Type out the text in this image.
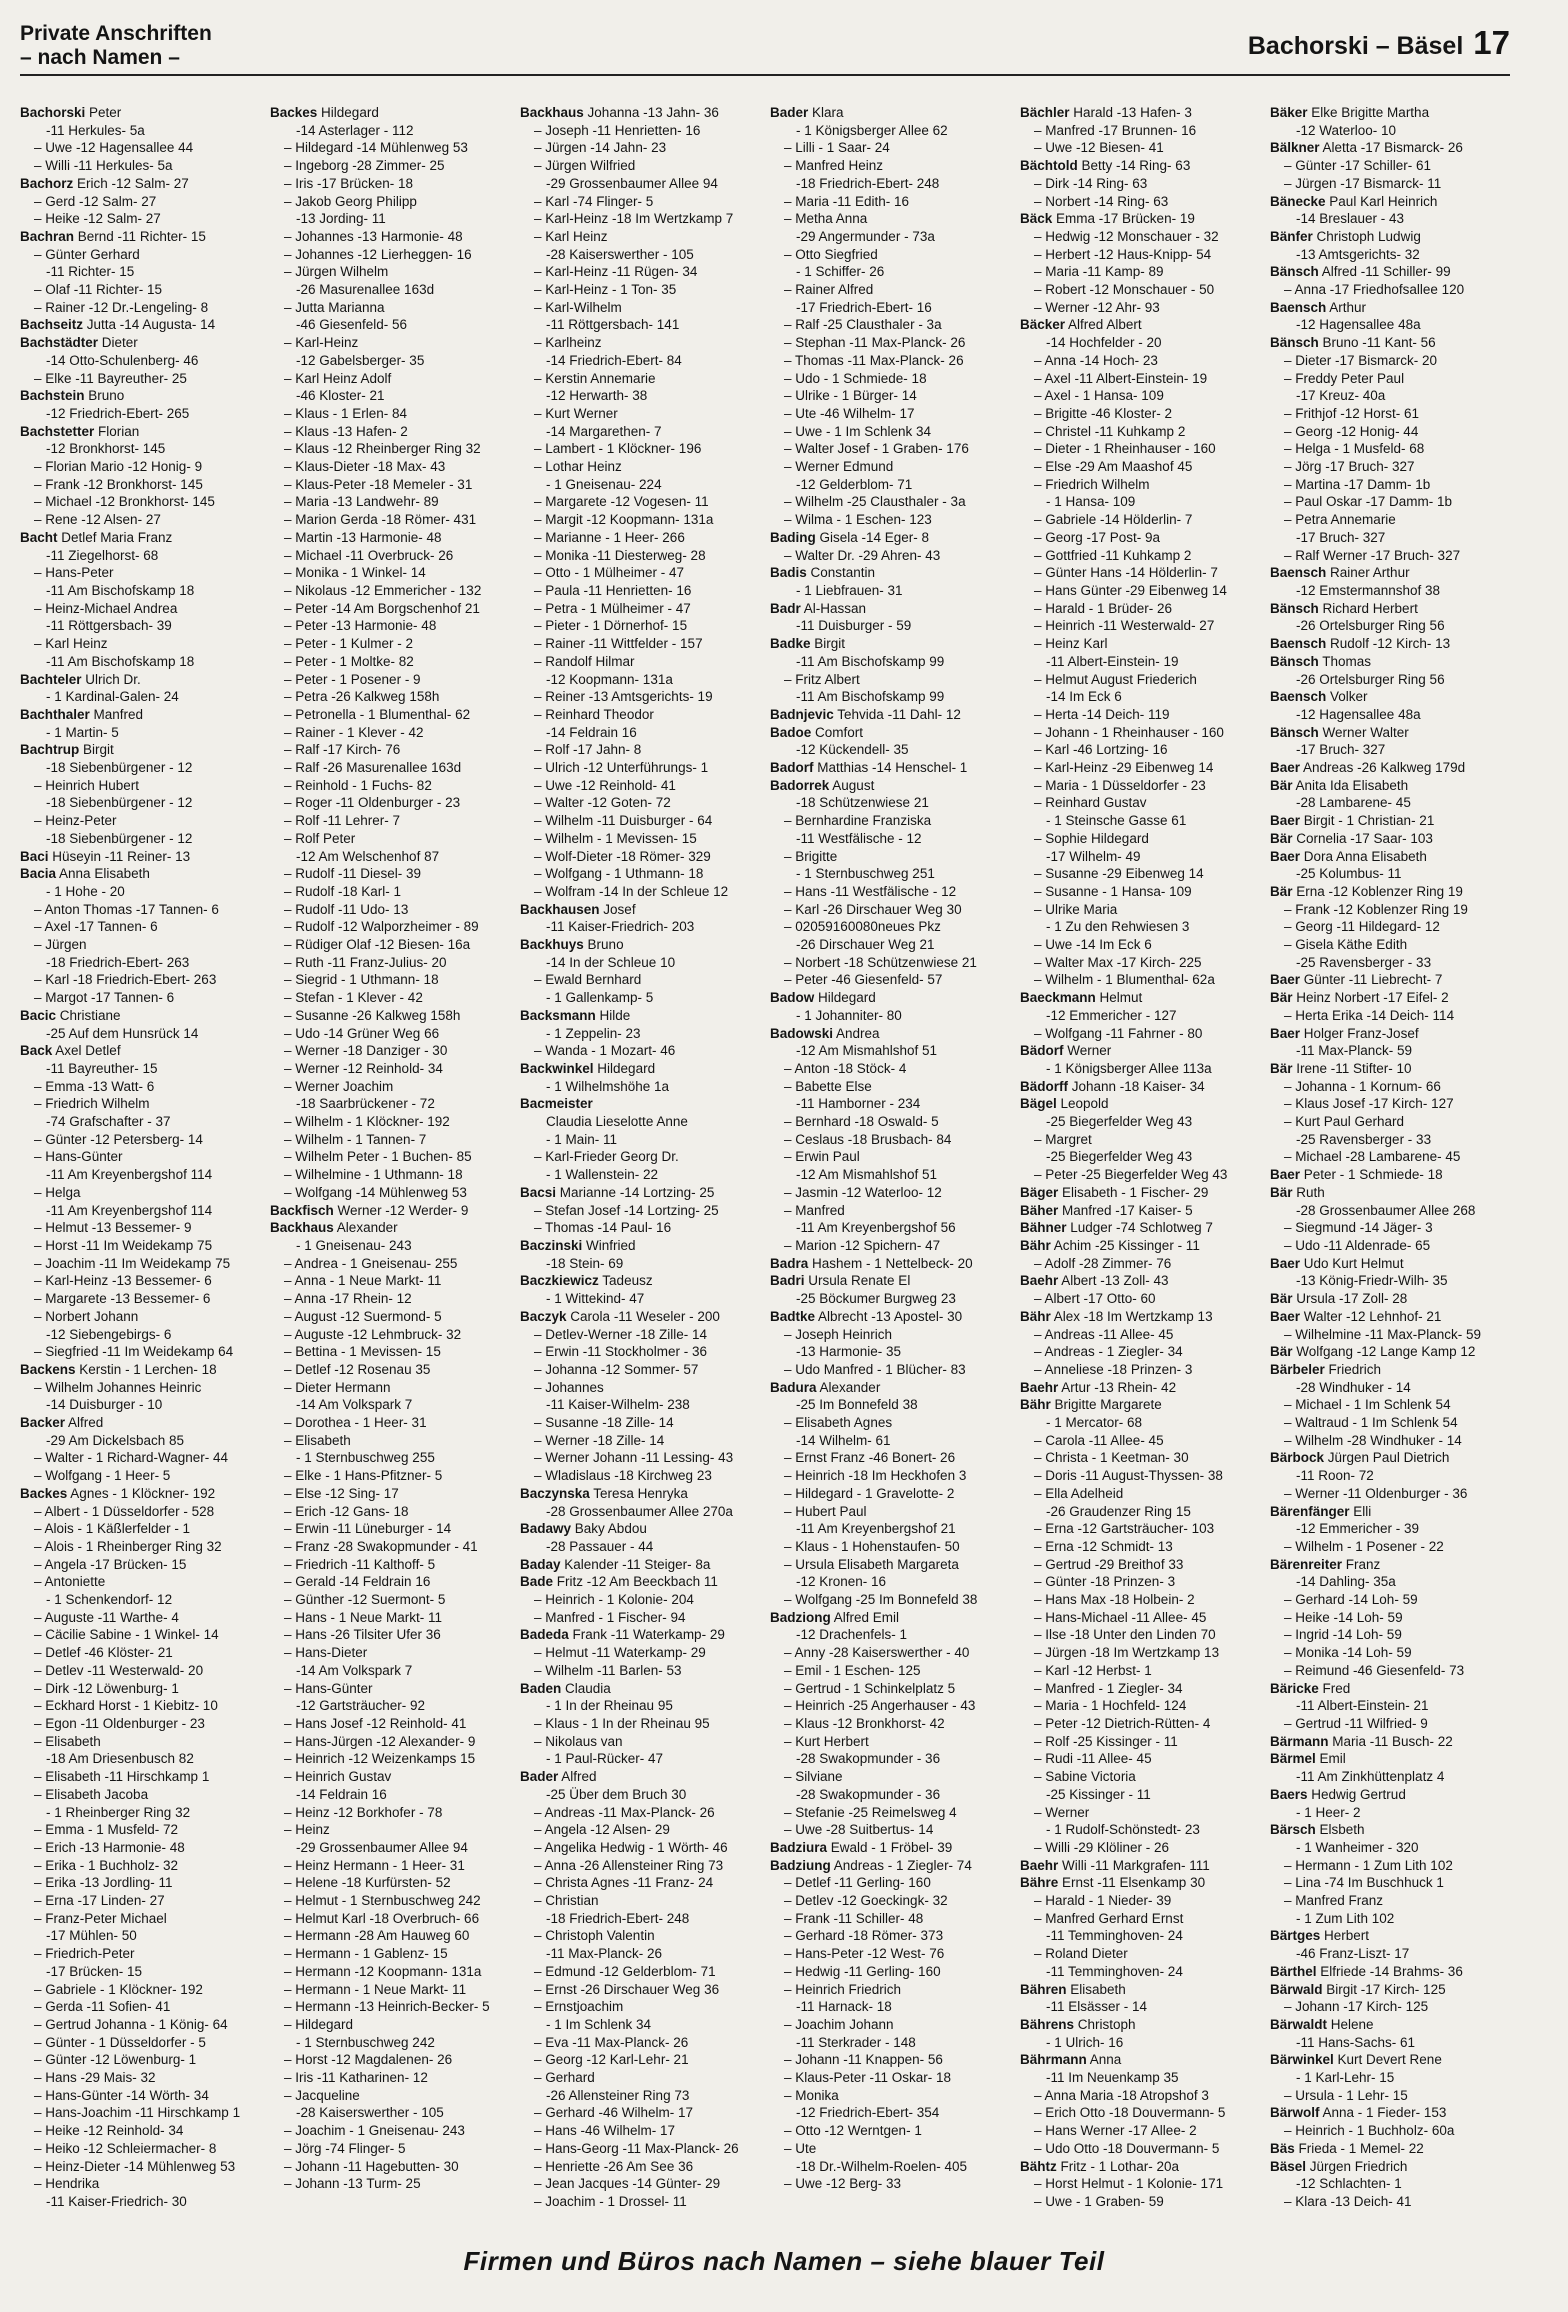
Private Anschriften
– nach Namen –	Bachorski – Bäsel 17
Bachorski Peter
-11 Herkules- 5a
– Uwe -12 Hagensallee 44
– Willi -11 Herkules- 5a
Bachorz Erich -12 Salm- 27
– Gerd -12 Salm- 27
– Heike -12 Salm- 27
Bachran Bernd -11 Richter- 15
– Günter Gerhard
-11 Richter- 15
– Olaf -11 Richter- 15
– Rainer -12 Dr.-Lengeling- 8
Bachseitz Jutta -14 Augusta- 14
Bachstädter Dieter
-14 Otto-Schulenberg- 46
– Elke -11 Bayreuther- 25
Bachstein Bruno
-12 Friedrich-Ebert- 265
Bachstetter Florian
-12 Bronkhorst- 145
– Florian Mario -12 Honig- 9
– Frank -12 Bronkhorst- 145
– Michael -12 Bronkhorst- 145
– Rene -12 Alsen- 27
Bacht Detlef Maria Franz
-11 Ziegelhorst- 68
– Hans-Peter
-11 Am Bischofskamp 18
– Heinz-Michael Andrea
-11 Röttgersbach- 39
– Karl Heinz
-11 Am Bischofskamp 18
Bachteler Ulrich Dr.
- 1 Kardinal-Galen- 24
Bachthaler Manfred
- 1 Martin- 5
Bachtrup Birgit
-18 Siebenbürgener - 12
– Heinrich Hubert
-18 Siebenbürgener - 12
– Heinz-Peter
-18 Siebenbürgener - 12
Baci Hüseyin -11 Reiner- 13
Bacia Anna Elisabeth
- 1 Hohe - 20
– Anton Thomas -17 Tannen- 6
– Axel -17 Tannen- 6
– Jürgen
-18 Friedrich-Ebert- 263
– Karl -18 Friedrich-Ebert- 263
– Margot -17 Tannen- 6
Bacic Christiane
-25 Auf dem Hunsrück 14
Back Axel Detlef
-11 Bayreuther- 15
– Emma -13 Watt- 6
– Friedrich Wilhelm
-74 Grafschafter - 37
– Günter -12 Petersberg- 14
– Hans-Günter
-11 Am Kreyenbergshof 114
– Helga
-11 Am Kreyenbergshof 114
– Helmut -13 Bessemer- 9
– Horst -11 Im Weidekamp 75
– Joachim -11 Im Weidekamp 75
– Karl-Heinz -13 Bessemer- 6
– Margarete -13 Bessemer- 6
– Norbert Johann
-12 Siebengebirgs- 6
– Siegfried -11 Im Weidekamp 64
Backens Kerstin - 1 Lerchen- 18
– Wilhelm Johannes Heinric
-14 Duisburger - 10
Backer Alfred
-29 Am Dickelsbach 85
– Walter - 1 Richard-Wagner- 44
– Wolfgang - 1 Heer- 5
Backes Agnes - 1 Klöckner- 192
– Albert - 1 Düsseldorfer - 528
– Alois - 1 Käßlerfelder - 1
– Alois - 1 Rheinberger Ring 32
– Angela -17 Brücken- 15
– Antoniette
- 1 Schenkendorf- 12
– Auguste -11 Warthe- 4
– Cäcilie Sabine - 1 Winkel- 14
– Detlef -46 Klöster- 21
– Detlev -11 Westerwald- 20
– Dirk -12 Löwenburg- 1
– Eckhard Horst - 1 Kiebitz- 10
– Egon -11 Oldenburger - 23
– Elisabeth
-18 Am Driesenbusch 82
– Elisabeth -11 Hirschkamp 1
– Elisabeth Jacoba
- 1 Rheinberger Ring 32
– Emma - 1 Musfeld- 72
– Erich -13 Harmonie- 48
– Erika - 1 Buchholz- 32
– Erika -13 Jordling- 11
– Erna -17 Linden- 27
– Franz-Peter Michael
-17 Mühlen- 50
– Friedrich-Peter
-17 Brücken- 15
– Gabriele - 1 Klöckner- 192
– Gerda -11 Sofien- 41
– Gertrud Johanna - 1 König- 64
– Günter - 1 Düsseldorfer - 5
– Günter -12 Löwenburg- 1
– Hans -29 Mais- 32
– Hans-Günter -14 Wörth- 34
– Hans-Joachim -11 Hirschkamp 1
– Heike -12 Reinhold- 34
– Heiko -12 Schleiermacher- 8
– Heinz-Dieter -14 Mühlenweg 53
– Hendrika
-11 Kaiser-Friedrich- 30
Backes Hildegard
-14 Asterlager - 112
– Hildegard -14 Mühlenweg 53
– Ingeborg -28 Zimmer- 25
– Iris -17 Brücken- 18
– Jakob Georg Philipp
-13 Jording- 11
– Johannes -13 Harmonie- 48
– Johannes -12 Lierheggen- 16
– Jürgen Wilhelm
-26 Masurenallee 163d
– Jutta Marianna
-46 Giesenfeld- 56
– Karl-Heinz
-12 Gabelsberger- 35
– Karl Heinz Adolf
-46 Kloster- 21
– Klaus - 1 Erlen- 84
– Klaus -13 Hafen- 2
– Klaus -12 Rheinberger Ring 32
– Klaus-Dieter -18 Max- 43
– Klaus-Peter -18 Memeler - 31
– Maria -13 Landwehr- 89
– Marion Gerda -18 Römer- 431
– Martin -13 Harmonie- 48
– Michael -11 Overbruck- 26
– Monika - 1 Winkel- 14
– Nikolaus -12 Emmericher - 132
– Peter -14 Am Borgschenhof 21
– Peter -13 Harmonie- 48
– Peter - 1 Kulmer - 2
– Peter - 1 Moltke- 82
– Peter - 1 Posener - 9
– Petra -26 Kalkweg 158h
– Petronella - 1 Blumenthal- 62
– Rainer - 1 Klever - 42
– Ralf -17 Kirch- 76
– Ralf -26 Masurenallee 163d
– Reinhold - 1 Fuchs- 82
– Roger -11 Oldenburger - 23
– Rolf -11 Lehrer- 7
– Rolf Peter
-12 Am Welschenhof 87
– Rudolf -11 Diesel- 39
– Rudolf -18 Karl- 1
– Rudolf -11 Udo- 13
– Rudolf -12 Walporzheimer - 89
– Rüdiger Olaf -12 Biesen- 16a
– Ruth -11 Franz-Julius- 20
– Siegrid - 1 Uthmann- 18
– Stefan - 1 Klever - 42
– Susanne -26 Kalkweg 158h
– Udo -14 Grüner Weg 66
– Werner -18 Danziger - 30
– Werner -12 Reinhold- 34
– Werner Joachim
-18 Saarbrückener - 72
– Wilhelm - 1 Klöckner- 192
– Wilhelm - 1 Tannen- 7
– Wilhelm Peter - 1 Buchen- 85
– Wilhelmine - 1 Uthmann- 18
– Wolfgang -14 Mühlenweg 53
Backfisch Werner -12 Werder- 9
Backhaus Alexander
- 1 Gneisenau- 243
– Andrea - 1 Gneisenau- 255
– Anna - 1 Neue Markt- 11
– Anna -17 Rhein- 12
– August -12 Suermond- 5
– Auguste -12 Lehmbruck- 32
– Bettina - 1 Mevissen- 15
– Detlef -12 Rosenau 35
– Dieter Hermann
-14 Am Volkspark 7
– Dorothea - 1 Heer- 31
– Elisabeth
- 1 Sternbuschweg 255
– Elke - 1 Hans-Pfitzner- 5
– Else -12 Sing- 17
– Erich -12 Gans- 18
– Erwin -11 Lüneburger - 14
– Franz -28 Swakopmunder - 41
– Friedrich -11 Kalthoff- 5
– Gerald -14 Feldrain 16
– Günther -12 Suermont- 5
– Hans - 1 Neue Markt- 11
– Hans -26 Tilsiter Ufer 36
– Hans-Dieter
-14 Am Volkspark 7
– Hans-Günter
-12 Gartsträucher- 92
– Hans Josef -12 Reinhold- 41
– Hans-Jürgen -12 Alexander- 9
– Heinrich -12 Weizenkamps 15
– Heinrich Gustav
-14 Feldrain 16
– Heinz -12 Borkhofer - 78
– Heinz
-29 Grossenbaumer Allee 94
– Heinz Hermann - 1 Heer- 31
– Helene -18 Kurfürsten- 52
– Helmut - 1 Sternbuschweg 242
– Helmut Karl -18 Overbruch- 66
– Hermann -28 Am Hauweg 60
– Hermann - 1 Gablenz- 15
– Hermann -12 Koopmann- 131a
– Hermann - 1 Neue Markt- 11
– Hermann -13 Heinrich-Becker- 5
– Hildegard
- 1 Sternbuschweg 242
– Horst -12 Magdalenen- 26
– Iris -11 Katharinen- 12
– Jacqueline
-28 Kaiserswerther - 105
– Joachim - 1 Gneisenau- 243
– Jörg -74 Flinger- 5
– Johann -11 Hagebutten- 30
– Johann -13 Turm- 25
Backhaus Johanna -13 Jahn- 36
– Joseph -11 Henrietten- 16
– Jürgen -14 Jahn- 23
– Jürgen Wilfried
-29 Grossenbaumer Allee 94
– Karl -74 Flinger- 5
– Karl-Heinz -18 Im Wertzkamp 7
– Karl Heinz
-28 Kaiserswerther - 105
– Karl-Heinz -11 Rügen- 34
– Karl-Heinz - 1 Ton- 35
– Karl-Wilhelm
-11 Röttgersbach- 141
– Karlheinz
-14 Friedrich-Ebert- 84
– Kerstin Annemarie
-12 Herwarth- 38
– Kurt Werner
-14 Margarethen- 7
– Lambert - 1 Klöckner- 196
– Lothar Heinz
- 1 Gneisenau- 224
– Margarete -12 Vogesen- 11
– Margit -12 Koopmann- 131a
– Marianne - 1 Heer- 266
– Monika -11 Diesterweg- 28
– Otto - 1 Mülheimer - 47
– Paula -11 Henrietten- 16
– Petra - 1 Mülheimer - 47
– Pieter - 1 Dörnerhof- 15
– Rainer -11 Wittfelder - 157
– Randolf Hilmar
-12 Koopmann- 131a
– Reiner -13 Amtsgerichts- 19
– Reinhard Theodor
-14 Feldrain 16
– Rolf -17 Jahn- 8
– Ulrich -12 Unterführungs- 1
– Uwe -12 Reinhold- 41
– Walter -12 Goten- 72
– Wilhelm -11 Duisburger - 64
– Wilhelm - 1 Mevissen- 15
– Wolf-Dieter -18 Römer- 329
– Wolfgang - 1 Uthmann- 18
– Wolfram -14 In der Schleue 12
Backhausen Josef
-11 Kaiser-Friedrich- 203
Backhuys Bruno
-14 In der Schleue 10
– Ewald Bernhard
- 1 Gallenkamp- 5
Backsmann Hilde
- 1 Zeppelin- 23
– Wanda - 1 Mozart- 46
Backwinkel Hildegard
- 1 Wilhelmshöhe 1a
Bacmeister
Claudia Lieselotte Anne
- 1 Main- 11
– Karl-Frieder Georg Dr.
- 1 Wallenstein- 22
Bacsi Marianne -14 Lortzing- 25
– Stefan Josef -14 Lortzing- 25
– Thomas -14 Paul- 16
Baczinski Winfried
-18 Stein- 69
Baczkiewicz Tadeusz
- 1 Wittekind- 47
Baczyk Carola -11 Weseler - 200
– Detlev-Werner -18 Zille- 14
– Erwin -11 Stockholmer - 36
– Johanna -12 Sommer- 57
– Johannes
-11 Kaiser-Wilhelm- 238
– Susanne -18 Zille- 14
– Werner -18 Zille- 14
– Werner Johann -11 Lessing- 43
– Wladislaus -18 Kirchweg 23
Baczynska Teresa Henryka
-28 Grossenbaumer Allee 270a
Badawy Baky Abdou
-28 Passauer - 44
Baday Kalender -11 Steiger- 8a
Bade Fritz -12 Am Beeckbach 11
– Heinrich - 1 Kolonie- 204
– Manfred - 1 Fischer- 94
Badeda Frank -11 Waterkamp- 29
– Helmut -11 Waterkamp- 29
– Wilhelm -11 Barlen- 53
Baden Claudia
- 1 In der Rheinau 95
– Klaus - 1 In der Rheinau 95
– Nikolaus van
- 1 Paul-Rücker- 47
Bader Alfred
-25 Über dem Bruch 30
– Andreas -11 Max-Planck- 26
– Angela -12 Alsen- 29
– Angelika Hedwig - 1 Wörth- 46
– Anna -26 Allensteiner Ring 73
– Christa Agnes -11 Franz- 24
– Christian
-18 Friedrich-Ebert- 248
– Christoph Valentin
-11 Max-Planck- 26
– Edmund -12 Gelderblom- 71
– Ernst -26 Dirschauer Weg 36
– Ernstjoachim
- 1 Im Schlenk 34
– Eva -11 Max-Planck- 26
– Georg -12 Karl-Lehr- 21
– Gerhard
-26 Allensteiner Ring 73
– Gerhard -46 Wilhelm- 17
– Hans -46 Wilhelm- 17
– Hans-Georg -11 Max-Planck- 26
– Henriette -26 Am See 36
– Jean Jacques -14 Günter- 29
– Joachim - 1 Drossel- 11
Bader Klara
- 1 Königsberger Allee 62
– Lilli - 1 Saar- 24
– Manfred Heinz
-18 Friedrich-Ebert- 248
– Maria -11 Edith- 16
– Metha Anna
-29 Angermunder - 73a
– Otto Siegfried
- 1 Schiffer- 26
– Rainer Alfred
-17 Friedrich-Ebert- 16
– Ralf -25 Clausthaler - 3a
– Stephan -11 Max-Planck- 26
– Thomas -11 Max-Planck- 26
– Udo - 1 Schmiede- 18
– Ulrike - 1 Bürger- 14
– Ute -46 Wilhelm- 17
– Uwe - 1 Im Schlenk 34
– Walter Josef - 1 Graben- 176
– Werner Edmund
-12 Gelderblom- 71
– Wilhelm -25 Clausthaler - 3a
– Wilma - 1 Eschen- 123
Bading Gisela -14 Eger- 8
– Walter Dr. -29 Ahren- 43
Badis Constantin
- 1 Liebfrauen- 31
Badr Al-Hassan
-11 Duisburger - 59
Badke Birgit
-11 Am Bischofskamp 99
– Fritz Albert
-11 Am Bischofskamp 99
Badnjevic Tehvida -11 Dahl- 12
Badoe Comfort
-12 Kückendell- 35
Badorf Matthias -14 Henschel- 1
Badorrek August
-18 Schützenwiese 21
– Bernhardine Franziska
-11 Westfälische - 12
– Brigitte
- 1 Sternbuschweg 251
– Hans -11 Westfälische - 12
– Karl -26 Dirschauer Weg 30
– 02059160080neues Pkz
-26 Dirschauer Weg 21
– Norbert -18 Schützenwiese 21
– Peter -46 Giesenfeld- 57
Badow Hildegard
- 1 Johanniter- 80
Badowski Andrea
-12 Am Mismahlshof 51
– Anton -18 Stöck- 4
– Babette Else
-11 Hamborner - 234
– Bernhard -18 Oswald- 5
– Ceslaus -18 Brusbach- 84
– Erwin Paul
-12 Am Mismahlshof 51
– Jasmin -12 Waterloo- 12
– Manfred
-11 Am Kreyenbergshof 56
– Marion -12 Spichern- 47
Badra Hashem - 1 Nettelbeck- 20
Badri Ursula Renate El
-25 Böckumer Burgweg 23
Badtke Albrecht -13 Apostel- 30
– Joseph Heinrich
-13 Harmonie- 35
– Udo Manfred - 1 Blücher- 83
Badura Alexander
-25 Im Bonnefeld 38
– Elisabeth Agnes
-14 Wilhelm- 61
– Ernst Franz -46 Bonert- 26
– Heinrich -18 Im Heckhofen 3
– Hildegard - 1 Gravelotte- 2
– Hubert Paul
-11 Am Kreyenbergshof 21
– Klaus - 1 Hohenstaufen- 50
– Ursula Elisabeth Margareta
-12 Kronen- 16
– Wolfgang -25 Im Bonnefeld 38
Badziong Alfred Emil
-12 Drachenfels- 1
– Anny -28 Kaiserswerther - 40
– Emil - 1 Eschen- 125
– Gertrud - 1 Schinkelplatz 5
– Heinrich -25 Angerhauser - 43
– Klaus -12 Bronkhorst- 42
– Kurt Herbert
-28 Swakopmunder - 36
– Silviane
-28 Swakopmunder - 36
– Stefanie -25 Reimelsweg 4
– Uwe -28 Suitbertus- 14
Badziura Ewald - 1 Fröbel- 39
Badziung Andreas - 1 Ziegler- 74
– Detlef -11 Gerling- 160
– Detlev -12 Goeckingk- 32
– Frank -11 Schiller- 48
– Gerhard -18 Römer- 373
– Hans-Peter -12 West- 76
– Hedwig -11 Gerling- 160
– Heinrich Friedrich
-11 Harnack- 18
– Joachim Johann
-11 Sterkrader - 148
– Johann -11 Knappen- 56
– Klaus-Peter -11 Oskar- 18
– Monika
-12 Friedrich-Ebert- 354
– Otto -12 Werntgen- 1
– Ute
-18 Dr.-Wilhelm-Roelen- 405
– Uwe -12 Berg- 33
Bächler Harald -13 Hafen- 3
– Manfred -17 Brunnen- 16
– Uwe -12 Biesen- 41
Bächtold Betty -14 Ring- 63
– Dirk -14 Ring- 63
– Norbert -14 Ring- 63
Bäck Emma -17 Brücken- 19
– Hedwig -12 Monschauer - 32
– Herbert -12 Haus-Knipp- 54
– Maria -11 Kamp- 89
– Robert -12 Monschauer - 50
– Werner -12 Ahr- 93
Bäcker Alfred Albert
-14 Hochfelder - 20
– Anna -14 Hoch- 23
– Axel -11 Albert-Einstein- 19
– Axel - 1 Hansa- 109
– Brigitte -46 Kloster- 2
– Christel -11 Kuhkamp 2
– Dieter - 1 Rheinhauser - 160
– Else -29 Am Maashof 45
– Friedrich Wilhelm
- 1 Hansa- 109
– Gabriele -14 Hölderlin- 7
– Georg -17 Post- 9a
– Gottfried -11 Kuhkamp 2
– Günter Hans -14 Hölderlin- 7
– Hans Günter -29 Eibenweg 14
– Harald - 1 Brüder- 26
– Heinrich -11 Westerwald- 27
– Heinz Karl
-11 Albert-Einstein- 19
– Helmut August Friederich
-14 Im Eck 6
– Herta -14 Deich- 119
– Johann - 1 Rheinhauser - 160
– Karl -46 Lortzing- 16
– Karl-Heinz -29 Eibenweg 14
– Maria - 1 Düsseldorfer - 23
– Reinhard Gustav
- 1 Steinsche Gasse 61
– Sophie Hildegard
-17 Wilhelm- 49
– Susanne -29 Eibenweg 14
– Susanne - 1 Hansa- 109
– Ulrike Maria
- 1 Zu den Rehwiesen 3
– Uwe -14 Im Eck 6
– Walter Max -17 Kirch- 225
– Wilhelm - 1 Blumenthal- 62a
Baeckmann Helmut
-12 Emmericher - 127
– Wolfgang -11 Fahrner - 80
Bädorf Werner
- 1 Königsberger Allee 113a
Bädorff Johann -18 Kaiser- 34
Bägel Leopold
-25 Biegerfelder Weg 43
– Margret
-25 Biegerfelder Weg 43
– Peter -25 Biegerfelder Weg 43
Bäger Elisabeth - 1 Fischer- 29
Bäher Manfred -17 Kaiser- 5
Bähner Ludger -74 Schlotweg 7
Bähr Achim -25 Kissinger - 11
– Adolf -28 Zimmer- 76
Baehr Albert -13 Zoll- 43
– Albert -17 Otto- 60
Bähr Alex -18 Im Wertzkamp 13
– Andreas -11 Allee- 45
– Andreas - 1 Ziegler- 34
– Anneliese -18 Prinzen- 3
Baehr Artur -13 Rhein- 42
Bähr Brigitte Margarete
- 1 Mercator- 68
– Carola -11 Allee- 45
– Christa - 1 Keetman- 30
– Doris -11 August-Thyssen- 38
– Ella Adelheid
-26 Graudenzer Ring 15
– Erna -12 Gartsträucher- 103
– Erna -12 Schmidt- 13
– Gertrud -29 Breithof 33
– Günter -18 Prinzen- 3
– Hans Max -18 Holbein- 2
– Hans-Michael -11 Allee- 45
– Ilse -18 Unter den Linden 70
– Jürgen -18 Im Wertzkamp 13
– Karl -12 Herbst- 1
– Manfred - 1 Ziegler- 34
– Maria - 1 Hochfeld- 124
– Peter -12 Dietrich-Rütten- 4
– Rolf -25 Kissinger - 11
– Rudi -11 Allee- 45
– Sabine Victoria
-25 Kissinger - 11
– Werner
- 1 Rudolf-Schönstedt- 23
– Willi -29 Klöliner - 26
Baehr Willi -11 Markgrafen- 111
Bähre Ernst -11 Elsenkamp 30
– Harald - 1 Nieder- 39
– Manfred Gerhard Ernst
-11 Temminghoven- 24
– Roland Dieter
-11 Temminghoven- 24
Bähren Elisabeth
-11 Elsässer - 14
Bährens Christoph
- 1 Ulrich- 16
Bährmann Anna
-11 Im Neuenkamp 35
– Anna Maria -18 Atropshof 3
– Erich Otto -18 Douvermann- 5
– Hans Werner -17 Allee- 2
– Udo Otto -18 Douvermann- 5
Bähtz Fritz - 1 Lothar- 20a
– Horst Helmut - 1 Kolonie- 171
– Uwe - 1 Graben- 59
Bäker Elke Brigitte Martha
-12 Waterloo- 10
Bälkner Aletta -17 Bismarck- 26
– Günter -17 Schiller- 61
– Jürgen -17 Bismarck- 11
Bänecke Paul Karl Heinrich
-14 Breslauer - 43
Bänfer Christoph Ludwig
-13 Amtsgerichts- 32
Bänsch Alfred -11 Schiller- 99
– Anna -17 Friedhofsallee 120
Baensch Arthur
-12 Hagensallee 48a
Bänsch Bruno -11 Kant- 56
– Dieter -17 Bismarck- 20
– Freddy Peter Paul
-17 Kreuz- 40a
– Frithjof -12 Horst- 61
– Georg -12 Honig- 44
– Helga - 1 Musfeld- 68
– Jörg -17 Bruch- 327
– Martina -17 Damm- 1b
– Paul Oskar -17 Damm- 1b
– Petra Annemarie
-17 Bruch- 327
– Ralf Werner -17 Bruch- 327
Baensch Rainer Arthur
-12 Emstermannshof 38
Bänsch Richard Herbert
-26 Ortelsburger Ring 56
Baensch Rudolf -12 Kirch- 13
Bänsch Thomas
-26 Ortelsburger Ring 56
Baensch Volker
-12 Hagensallee 48a
Bänsch Werner Walter
-17 Bruch- 327
Baer Andreas -26 Kalkweg 179d
Bär Anita Ida Elisabeth
-28 Lambarene- 45
Baer Birgit - 1 Christian- 21
Bär Cornelia -17 Saar- 103
Baer Dora Anna Elisabeth
-25 Kolumbus- 11
Bär Erna -12 Koblenzer Ring 19
– Frank -12 Koblenzer Ring 19
– Georg -11 Hildegard- 12
– Gisela Käthe Edith
-25 Ravensberger - 33
Baer Günter -11 Liebrecht- 7
Bär Heinz Norbert -17 Eifel- 2
– Herta Erika -14 Deich- 114
Baer Holger Franz-Josef
-11 Max-Planck- 59
Bär Irene -11 Stifter- 10
– Johanna - 1 Kornum- 66
– Klaus Josef -17 Kirch- 127
– Kurt Paul Gerhard
-25 Ravensberger - 33
– Michael -28 Lambarene- 45
Baer Peter - 1 Schmiede- 18
Bär Ruth
-28 Grossenbaumer Allee 268
– Siegmund -14 Jäger- 3
– Udo -11 Aldenrade- 65
Baer Udo Kurt Helmut
-13 König-Friedr-Wilh- 35
Bär Ursula -17 Zoll- 28
Baer Walter -12 Lehnhof- 21
– Wilhelmine -11 Max-Planck- 59
Bär Wolfgang -12 Lange Kamp 12
Bärbeler Friedrich
-28 Windhuker - 14
– Michael - 1 Im Schlenk 54
– Waltraud - 1 Im Schlenk 54
– Wilhelm -28 Windhuker - 14
Bärbock Jürgen Paul Dietrich
-11 Roon- 72
– Werner -11 Oldenburger - 36
Bärenfänger Elli
-12 Emmericher - 39
– Wilhelm - 1 Posener - 22
Bärenreiter Franz
-14 Dahling- 35a
– Gerhard -14 Loh- 59
– Heike -14 Loh- 59
– Ingrid -14 Loh- 59
– Monika -14 Loh- 59
– Reimund -46 Giesenfeld- 73
Bäricke Fred
-11 Albert-Einstein- 21
– Gertrud -11 Wilfried- 9
Bärmann Maria -11 Busch- 22
Bärmel Emil
-11 Am Zinkhüttenplatz 4
Baers Hedwig Gertrud
- 1 Heer- 2
Bärsch Elsbeth
- 1 Wanheimer - 320
– Hermann - 1 Zum Lith 102
– Lina -74 Im Buschhuck 1
– Manfred Franz
- 1 Zum Lith 102
Bärtges Herbert
-46 Franz-Liszt- 17
Bärthel Elfriede -14 Brahms- 36
Bärwald Birgit -17 Kirch- 125
– Johann -17 Kirch- 125
Bärwaldt Helene
-11 Hans-Sachs- 61
Bärwinkel Kurt Devert Rene
- 1 Karl-Lehr- 15
– Ursula - 1 Lehr- 15
Bärwolf Anna - 1 Fieder- 153
– Heinrich - 1 Buchholz- 60a
Bäs Frieda - 1 Memel- 22
Bäsel Jürgen Friedrich
-12 Schlachten- 1
– Klara -13 Deich- 41
Firmen und Büros nach Namen – siehe blauer Teil
